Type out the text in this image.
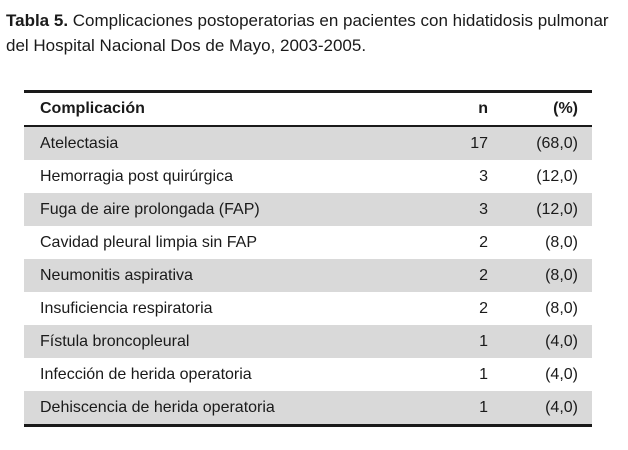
Tabla 5. Complicaciones postoperatorias en pacientes con hidatidosis pulmonar del Hospital Nacional Dos de Mayo, 2003-2005.
Complicación	n	(%)
Atelectasia	17	(68,0)
Hemorragia post quirúrgica	3	(12,0)
Fuga de aire prolongada (FAP)	3	(12,0)
Cavidad pleural limpia sin FAP	2	(8,0)
Neumonitis aspirativa	2	(8,0)
Insuficiencia respiratoria	2	(8,0)
Fístula broncopleural	1	(4,0)
Infección de herida operatoria	1	(4,0)
Dehiscencia de herida operatoria	1	(4,0)
